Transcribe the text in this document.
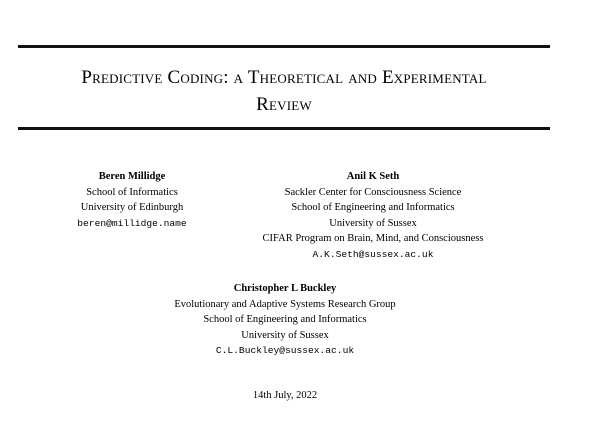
Predictive Coding: a Theoretical and Experimental
Review
Beren Millidge
School of Informatics
University of Edinburgh
beren@millidge.name
Anil K Seth
Sackler Center for Consciousness Science
School of Engineering and Informatics
University of Sussex
CIFAR Program on Brain, Mind, and Consciousness
A.K.Seth@sussex.ac.uk
Christopher L Buckley
Evolutionary and Adaptive Systems Research Group
School of Engineering and Informatics
University of Sussex
C.L.Buckley@sussex.ac.uk
14th July, 2022
